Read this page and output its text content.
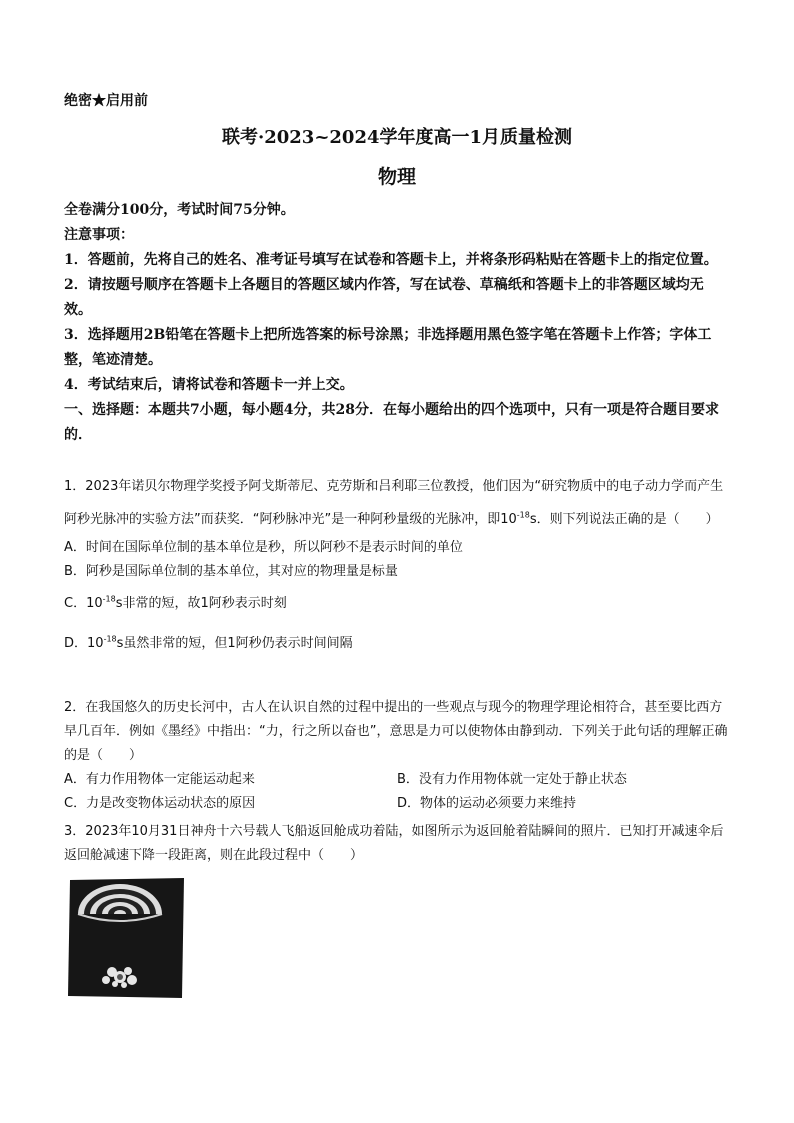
绝密★启用前
联考·2023~2024学年度高一1月质量检测
物理

全卷满分100分，考试时间75分钟。

注意事项：

1．答题前，先将自己的姓名、准考证号填写在试卷和答题卡上，并将条形码粘贴在答题卡上的指定位置。

2．请按题号顺序在答题卡上各题目的答题区域内作答，写在试卷、草稿纸和答题卡上的非答题区域均无效。

3．选择题用2B铅笔在答题卡上把所选答案的标号涂黑；非选择题用黑色签字笔在答题卡上作答；字体工整，笔迹清楚。

4．考试结束后，请将试卷和答题卡一并上交。

一、选择题：本题共7小题，每小题4分，共28分．在每小题给出的四个选项中，只有一项是符合题目要求的．

1．2023年诺贝尔物理学奖授予阿戈斯蒂尼、克劳斯和吕利耶三位教授，他们因为“研究物质中的电子动力学而产生阿秒光脉冲的实验方法”而获奖．“阿秒脉冲光”是一种阿秒量级的光脉冲，即$10^{-18}s$．则下列说法正确的是（　　）

A．时间在国际单位制的基本单位是秒，所以阿秒不是表示时间的单位

B．阿秒是国际单位制的基本单位，其对应的物理量是标量

C．$10^{-18}s$非常的短，故1阿秒表示时刻

D．$10^{-18}s$虽然非常的短，但1阿秒仍表示时间间隔

2．在我国悠久的历史长河中，古人在认识自然的过程中提出的一些观点与现今的物理学理论相符合，甚至要比西方早几百年．例如《墨经》中指出：“力，行之所以奋也”，意思是力可以使物体由静到动．下列关于此句话的理解正确的是（　　）

A．有力作用物体一定能运动起来	B．没有力作用物体就一定处于静止状态
C．力是改变物体运动状态的原因	D．物体的运动必须要力来维持

3．2023年10月31日神舟十六号载人飞船返回舱成功着陆，如图所示为返回舱着陆瞬间的照片．已知打开减速伞后返回舱减速下降一段距离，则在此段过程中（　　）
